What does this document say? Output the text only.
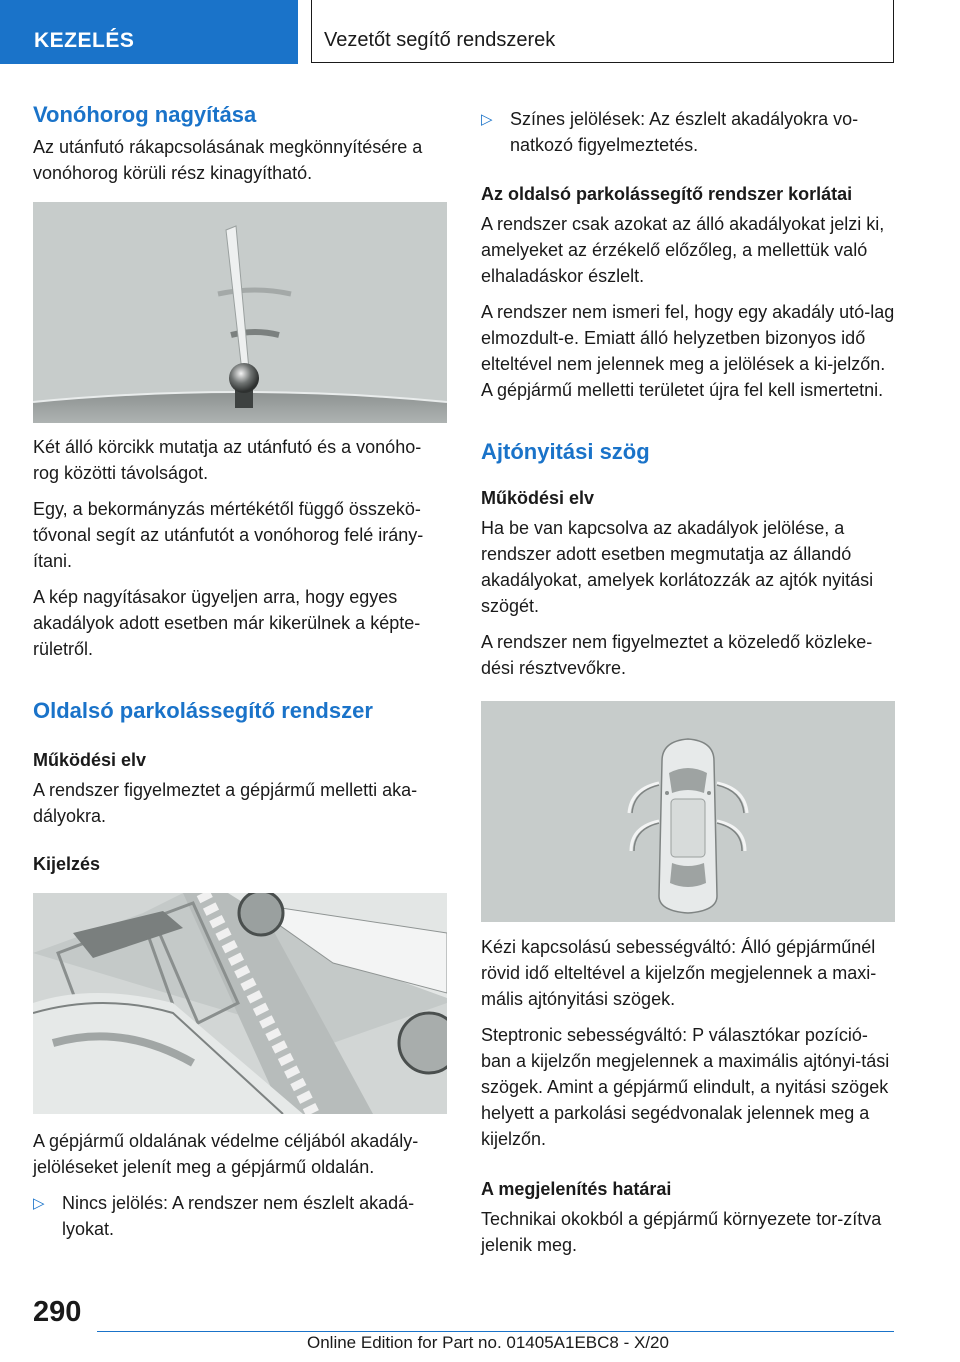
KEZELÉS	Vezetőt segítő rendszerek
Vonóhorog nagyítása

Az utánfutó rákapcsolásának megkönnyítésére a vonóhorog körüli rész kinagyítható.

Két álló körcikk mutatja az utánfutó és a vonóho‐rog közötti távolságot.

Egy, a bekormányzás mértékétől függő összekö‐tővonal segít az utánfutót a vonóhorog felé irány‐ítani.

A kép nagyításakor ügyeljen arra, hogy egyes akadályok adott esetben már kikerülnek a képte‐rületről.

Oldalsó parkolássegítő rendszer
Működési elv

A rendszer figyelmeztet a gépjármű melletti aka‐dályokra.

Kijelzés

A gépjármű oldalának védelme céljából akadály‐jelöléseket jelenít meg a gépjármű oldalán.

▷ Nincs jelölés: A rendszer nem észlelt akadá‐lyokat.
▷ Színes jelölések: Az észlelt akadályokra vo‐natkozó figyelmeztetés.
Az oldalsó parkolássegítő rendszer korlátai

A rendszer csak azokat az álló akadályokat jelzi ki, amelyeket az érzékelő előzőleg, a mellettük való elhaladáskor észlelt.

A rendszer nem ismeri fel, hogy egy akadály utó‐lag elmozdult-e. Emiatt álló helyzetben bizonyos idő elteltével nem jelennek meg a jelölések a ki‐jelzőn. A gépjármű melletti területet újra fel kell ismertetni.

Ajtónyitási szög
Működési elv

Ha be van kapcsolva az akadályok jelölése, a rendszer adott esetben megmutatja az állandó akadályokat, amelyek korlátozzák az ajtók nyitási szögét.

A rendszer nem figyelmeztet a közeledő közleke‐dési résztvevőkre.

Kézi kapcsolású sebességváltó: Álló gépjárműnél rövid idő elteltével a kijelzőn megjelennek a maxi‐mális ajtónyitási szögek.

Steptronic sebességváltó: P választókar pozíció‐ban a kijelzőn megjelennek a maximális ajtónyi‐tási szögek. Amint a gépjármű elindult, a nyitási szögek helyett a parkolási segédvonalak jelennek meg a kijelzőn.

A megjelenítés határai

Technikai okokból a gépjármű környezete tor‐zítva jelenik meg.

290
Online Edition for Part no. 01405A1EBC8 - X/20
